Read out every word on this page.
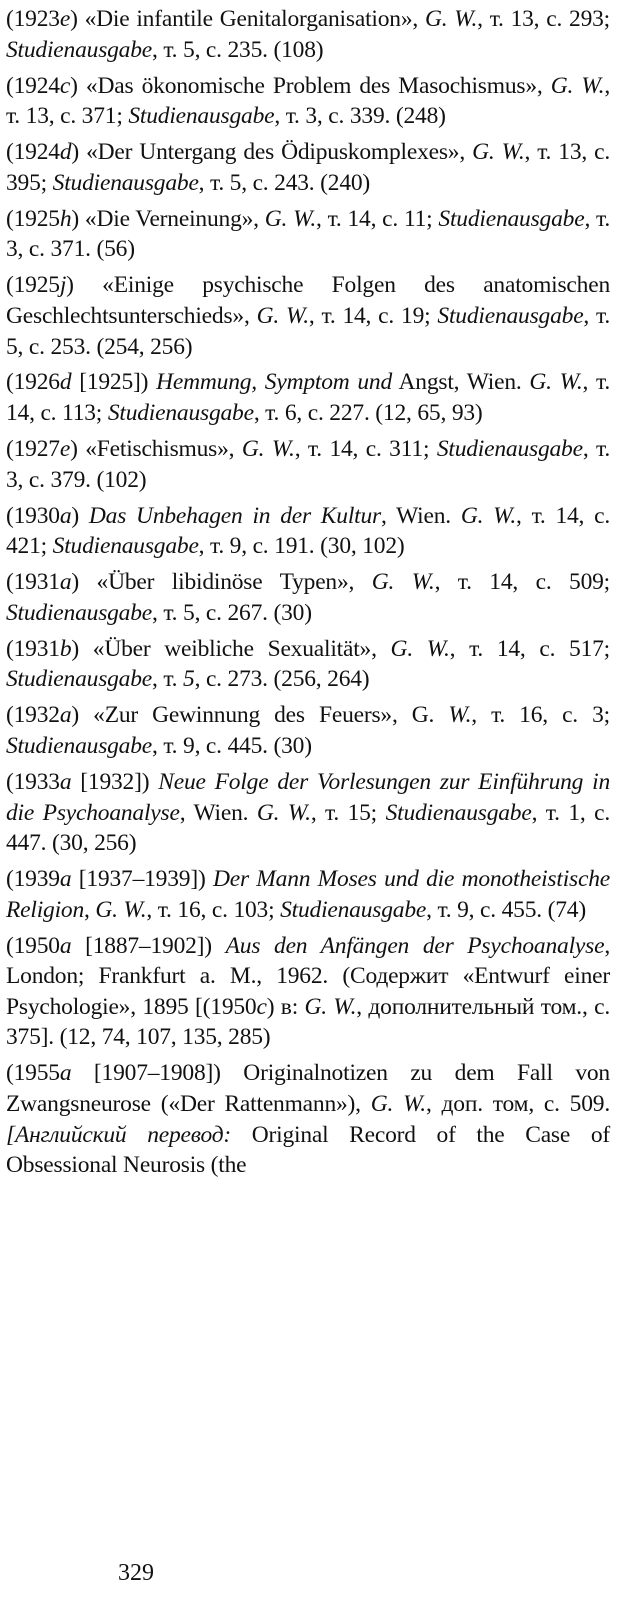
(1923e) «Die infantile Genitalorganisation», G. W., т. 13, с. 293; Studienausgabe, т. 5, с. 235. (108)

(1924c) «Das ökonomische Problem des Masochismus», G. W., т. 13, с. 371; Studienausgabe, т. 3, с. 339. (248)

(1924d) «Der Untergang des Ödipuskomplexes», G. W., т. 13, с. 395; Studienausgabe, т. 5, с. 243. (240)

(1925h) «Die Verneinung», G. W., т. 14, с. 11; Studienausgabe, т. 3, с. 371. (56)

(1925j) «Einige psychische Folgen des anatomischen Geschlechtsunterschieds», G. W., т. 14, с. 19; Studienausgabe, т. 5, с. 253. (254, 256)

(1926d [1925]) Hemmung, Symptom und Angst, Wien. G. W., т. 14, с. 113; Studienausgabe, т. 6, с. 227. (12, 65, 93)

(1927e) «Fetischismus», G. W., т. 14, с. 311; Studienausgabe, т. 3, с. 379. (102)

(1930a) Das Unbehagen in der Kultur, Wien. G. W., т. 14, с. 421; Studienausgabe, т. 9, с. 191. (30, 102)

(1931a) «Über libidinöse Typen», G. W., т. 14, с. 509; Studienausgabe, т. 5, с. 267. (30)

(1931b) «Über weibliche Sexualität», G. W., т. 14, с. 517; Studienausgabe, т. 5, с. 273. (256, 264)

(1932a) «Zur Gewinnung des Feuers», G. W., т. 16, с. 3; Studienausgabe, т. 9, с. 445. (30)

(1933a [1932]) Neue Folge der Vorlesungen zur Einführung in die Psychoanalyse, Wien. G. W., т. 15; Studienausgabe, т. 1, с. 447. (30, 256)

(1939a [1937–1939]) Der Mann Moses und die monotheistische Religion, G. W., т. 16, с. 103; Studienausgabe, т. 9, с. 455. (74)

(1950a [1887–1902]) Aus den Anfängen der Psychoanalyse, London; Frankfurt a. M., 1962. (Содержит «Entwurf einer Psychologie», 1895 [(1950c) в: G. W., дополнительный том., с. 375]. (12, 74, 107, 135, 285)

(1955a [1907–1908]) Originalnotizen zu dem Fall von Zwangsneurose («Der Rattenmann»), G. W., доп. том, с. 509. [Английский перевод: Original Record of the Case of Obsessional Neurosis (the

329
